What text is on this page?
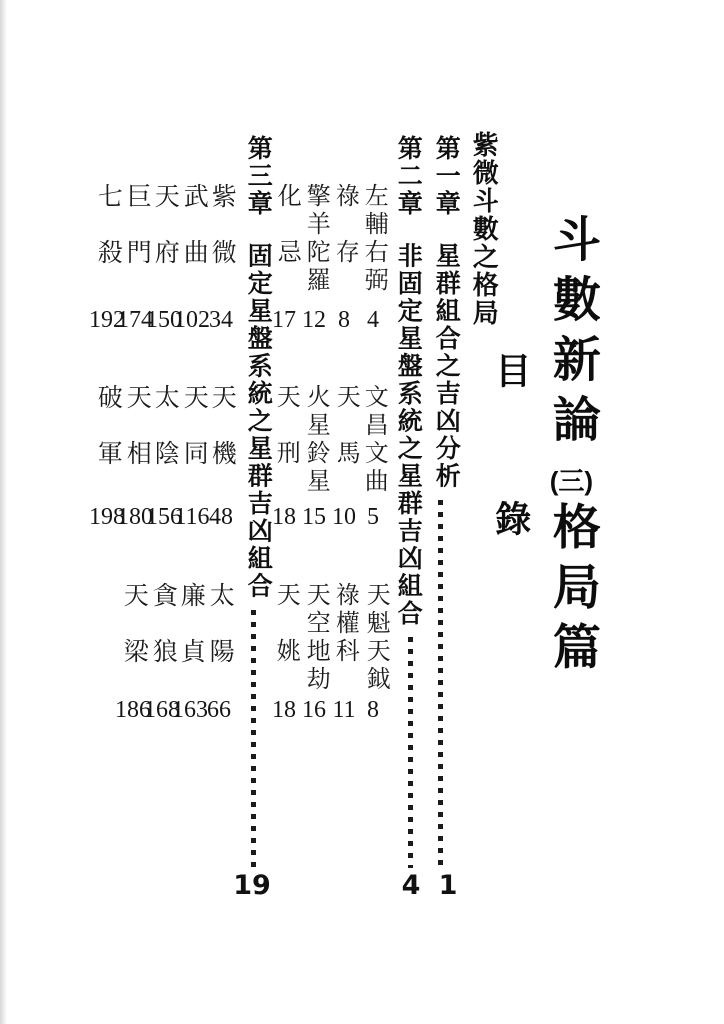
斗數新論(三)格局篇
目錄
紫微斗數之格局
第一章　星群組合之吉凶分析
1
第二章　非固定星盤系統之星群吉凶組合
4
第三章　固定星盤系統之星群吉凶組合
19
左輔右弼
4
文昌文曲
5
天魁天鉞
8
祿　存
8
天　馬
10
祿權科
11
擎羊陀羅
12
火星鈴星
15
天空地劫
16
化　忌
17
天　刑
18
天　姚
18
紫　微
34
武　曲
102
天　府
150
巨　門
174
七　殺
192
天　機
48
天　同
116
太　陰
156
天　相
180
破　軍
198
太　陽
66
廉　貞
163
貪　狼
168
天　梁
186
